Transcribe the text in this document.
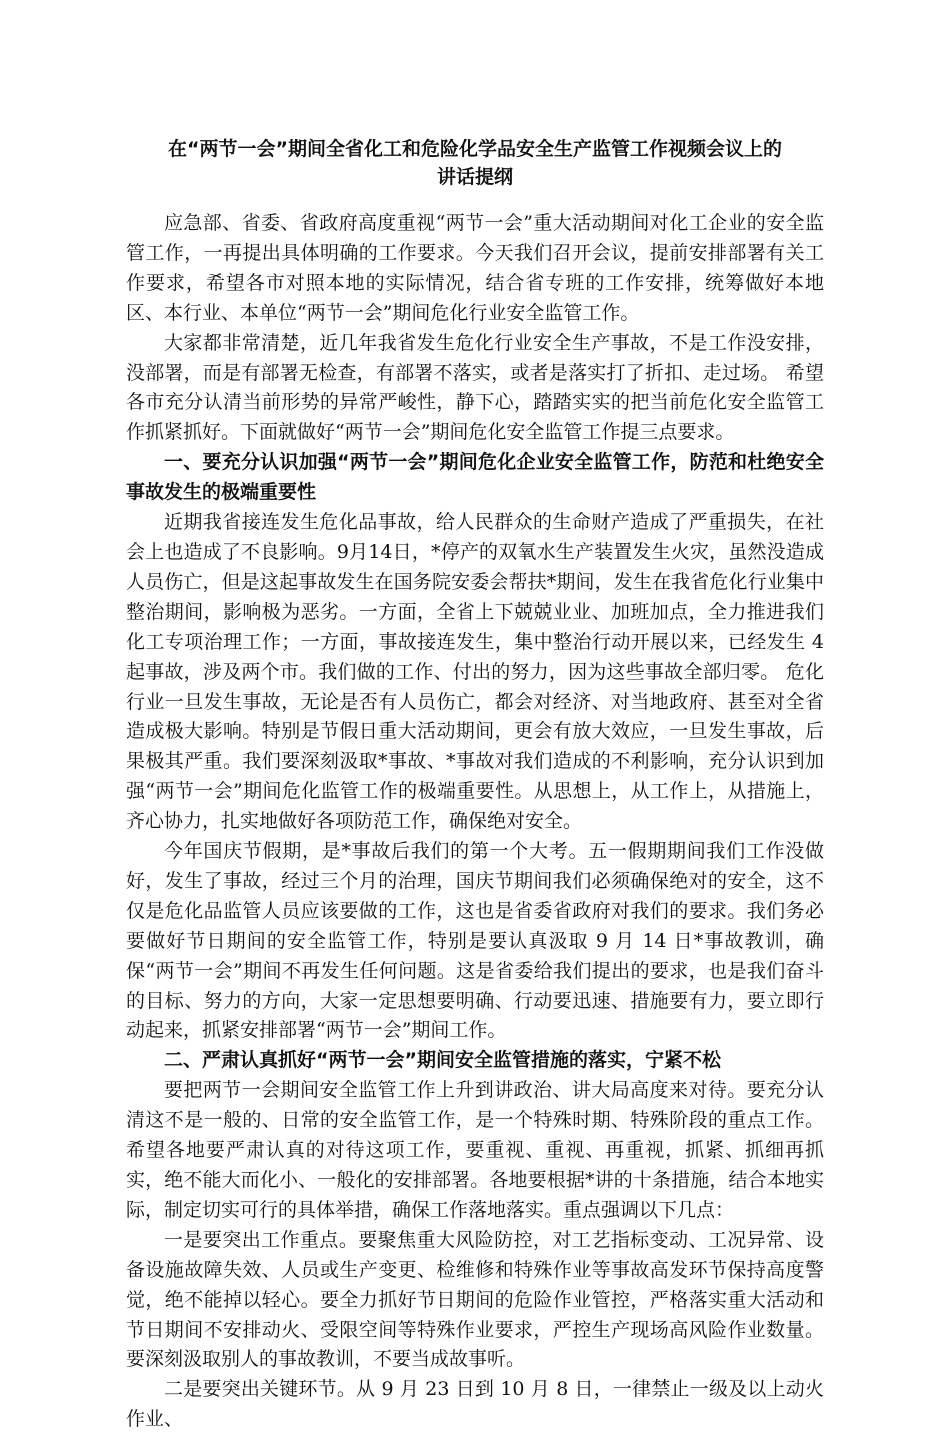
在“两节一会”期间全省化工和危险化学品安全生产监管工作视频会议上的
讲话提纲

应急部、省委、省政府高度重视“两节一会”重大活动期间对化工企业的安全监管工作，一再提出具体明确的工作要求。今天我们召开会议，提前安排部署有关工作要求，希望各市对照本地的实际情况，结合省专班的工作安排，统筹做好本地区、本行业、本单位“两节一会”期间危化行业安全监管工作。

大家都非常清楚，近几年我省发生危化行业安全生产事故，不是工作没安排，没部署，而是有部署无检查，有部署不落实，或者是落实打了折扣、走过场。 希望各市充分认清当前形势的异常严峻性，静下心，踏踏实实的把当前危化安全监管工作抓紧抓好。下面就做好“两节一会”期间危化安全监管工作提三点要求。

一、要充分认识加强“两节一会”期间危化企业安全监管工作，防范和杜绝安全事故发生的极端重要性

近期我省接连发生危化品事故，给人民群众的生命财产造成了严重损失，在社会上也造成了不良影响。9月14日，*停产的双氧水生产装置发生火灾，虽然没造成人员伤亡，但是这起事故发生在国务院安委会帮扶*期间，发生在我省危化行业集中整治期间，影响极为恶劣。一方面，全省上下兢兢业业、加班加点，全力推进我们化工专项治理工作；一方面，事故接连发生，集中整治行动开展以来，已经发生 4 起事故，涉及两个市。我们做的工作、付出的努力，因为这些事故全部归零。 危化行业一旦发生事故，无论是否有人员伤亡，都会对经济、对当地政府、甚至对全省造成极大影响。特别是节假日重大活动期间，更会有放大效应，一旦发生事故，后果极其严重。我们要深刻汲取*事故、*事故对我们造成的不利影响，充分认识到加强“两节一会”期间危化监管工作的极端重要性。从思想上，从工作上，从措施上，齐心协力，扎实地做好各项防范工作，确保绝对安全。

今年国庆节假期，是*事故后我们的第一个大考。五一假期期间我们工作没做好，发生了事故，经过三个月的治理，国庆节期间我们必须确保绝对的安全，这不仅是危化品监管人员应该要做的工作，这也是省委省政府对我们的要求。我们务必要做好节日期间的安全监管工作，特别是要认真汲取 9 月 14 日*事故教训，确保“两节一会”期间不再发生任何问题。这是省委给我们提出的要求，也是我们奋斗的目标、努力的方向，大家一定思想要明确、行动要迅速、措施要有力，要立即行动起来，抓紧安排部署“两节一会”期间工作。

二、严肃认真抓好“两节一会”期间安全监管措施的落实，宁紧不松

要把两节一会期间安全监管工作上升到讲政治、讲大局高度来对待。要充分认清这不是一般的、日常的安全监管工作，是一个特殊时期、特殊阶段的重点工作。希望各地要严肃认真的对待这项工作，要重视、重视、再重视，抓紧、抓细再抓实，绝不能大而化小、一般化的安排部署。各地要根据*讲的十条措施，结合本地实际，制定切实可行的具体举措，确保工作落地落实。重点强调以下几点：

一是要突出工作重点。要聚焦重大风险防控，对工艺指标变动、工况异常、设备设施故障失效、人员或生产变更、检维修和特殊作业等事故高发环节保持高度警觉，绝不能掉以轻心。要全力抓好节日期间的危险作业管控，严格落实重大活动和节日期间不安排动火、受限空间等特殊作业要求，严控生产现场高风险作业数量。要深刻汲取别人的事故教训，不要当成故事听。

二是要突出关键环节。从 9 月 23 日到 10 月 8 日，一律禁止一级及以上动火作业、
